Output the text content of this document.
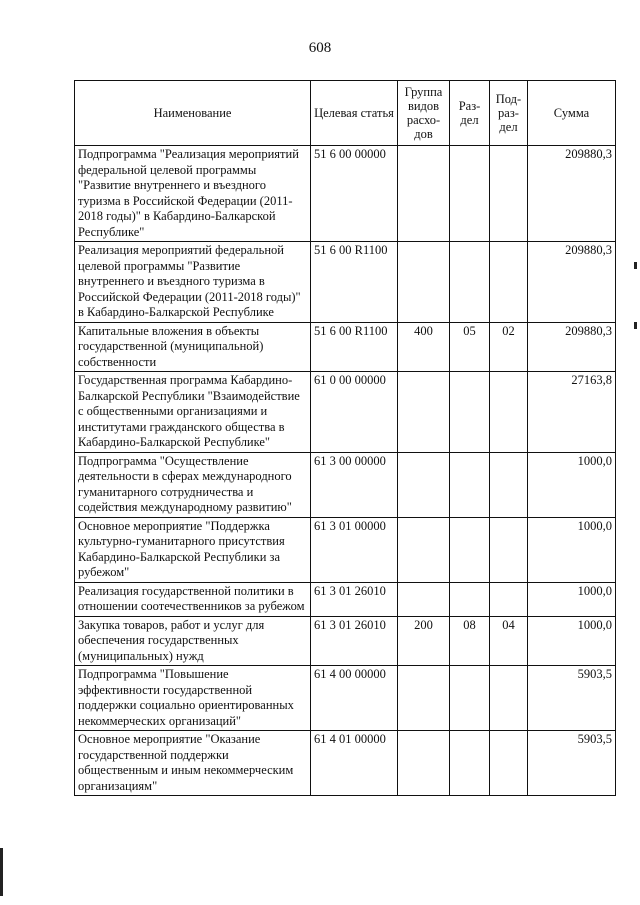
608
Наименование	Целевая статья	Группа видов расхо-дов	Раз-дел	Под-раз-дел	Сумма
Подпрограмма "Реализация мероприятий федеральной целевой программы "Развитие внутреннего и въездного туризма в Российской Федерации (2011-2018 годы)" в Кабардино-Балкарской Республике"	51 6 00 00000				209880,3
Реализация мероприятий федеральной целевой программы "Развитие внутреннего и въездного туризма в Российской Федерации (2011-2018 годы)" в Кабардино-Балкарской Республике	51 6 00 R1100				209880,3
Капитальные вложения в объекты государственной (муниципальной) собственности	51 6 00 R1100	400	05	02	209880,3
Государственная программа Кабардино-Балкарской Республики "Взаимодействие с общественными организациями и институтами гражданского общества в Кабардино-Балкарской Республике"	61 0 00 00000				27163,8
Подпрограмма "Осуществление деятельности в сферах международного гуманитарного сотрудничества и содействия международному развитию"	61 3 00 00000				1000,0
Основное мероприятие "Поддержка культурно-гуманитарного присутствия Кабардино-Балкарской Республики за рубежом"	61 3 01 00000				1000,0
Реализация государственной политики в отношении соотечественников за рубежом	61 3 01 26010				1000,0
Закупка товаров, работ и услуг для обеспечения государственных (муниципальных) нужд	61 3 01 26010	200	08	04	1000,0
Подпрограмма "Повышение эффективности государственной поддержки социально ориентированных некоммерческих организаций"	61 4 00 00000				5903,5
Основное мероприятие "Оказание государственной поддержки общественным и иным некоммерческим организациям"	61 4 01 00000				5903,5
